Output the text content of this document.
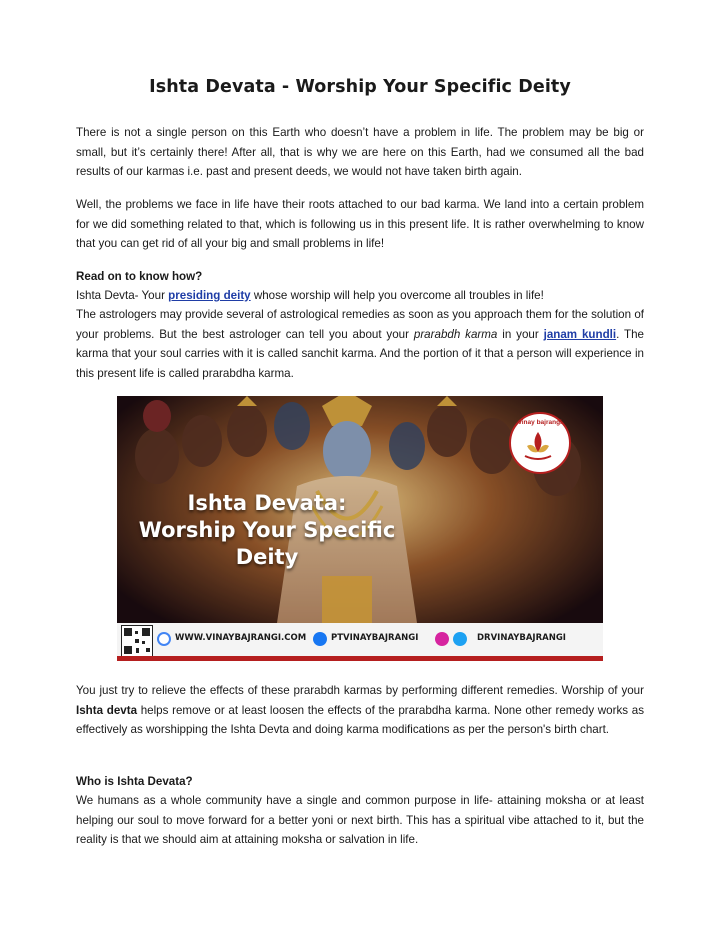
Ishta Devata - Worship Your Specific Deity

There is not a single person on this Earth who doesn’t have a problem in life. The problem may be big or small, but it’s certainly there! After all, that is why we are here on this Earth, had we consumed all the bad results of our karmas i.e. past and present deeds, we would not have taken birth again.

Well, the problems we face in life have their roots attached to our bad karma. We land into a certain problem for we did something related to that, which is following us in this present life. It is rather overwhelming to know that you can get rid of all your big and small problems in life!

Read on to know how?

Ishta Devta- Your presiding deity whose worship will help you overcome all troubles in life!

The astrologers may provide several of astrological remedies as soon as you approach them for the solution of your problems. But the best astrologer can tell you about your prarabdh karma in your janam kundli. The karma that your soul carries with it is called sanchit karma. And the portion of it that a person will experience in this present life is called prarabdha karma.

You just try to relieve the effects of these prarabdh karmas by performing different remedies. Worship of your Ishta devta helps remove or at least loosen the effects of the prarabdha karma. None other remedy works as effectively as worshipping the Ishta Devta and doing karma modifications as per the person's birth chart.

Who is Ishta Devata?

We humans as a whole community have a single and common purpose in life- attaining moksha or at least helping our soul to move forward for a better yoni or next birth. This has a spiritual vibe attached to it, but the reality is that we should aim at attaining moksha or salvation in life.

Ishta Devata:
Worship Your Specific
Deity
vinay bajrangi
WWW.VINAYBAJRANGI.COM	PTVINAYBAJRANGI	DRVINAYBAJRANGI
